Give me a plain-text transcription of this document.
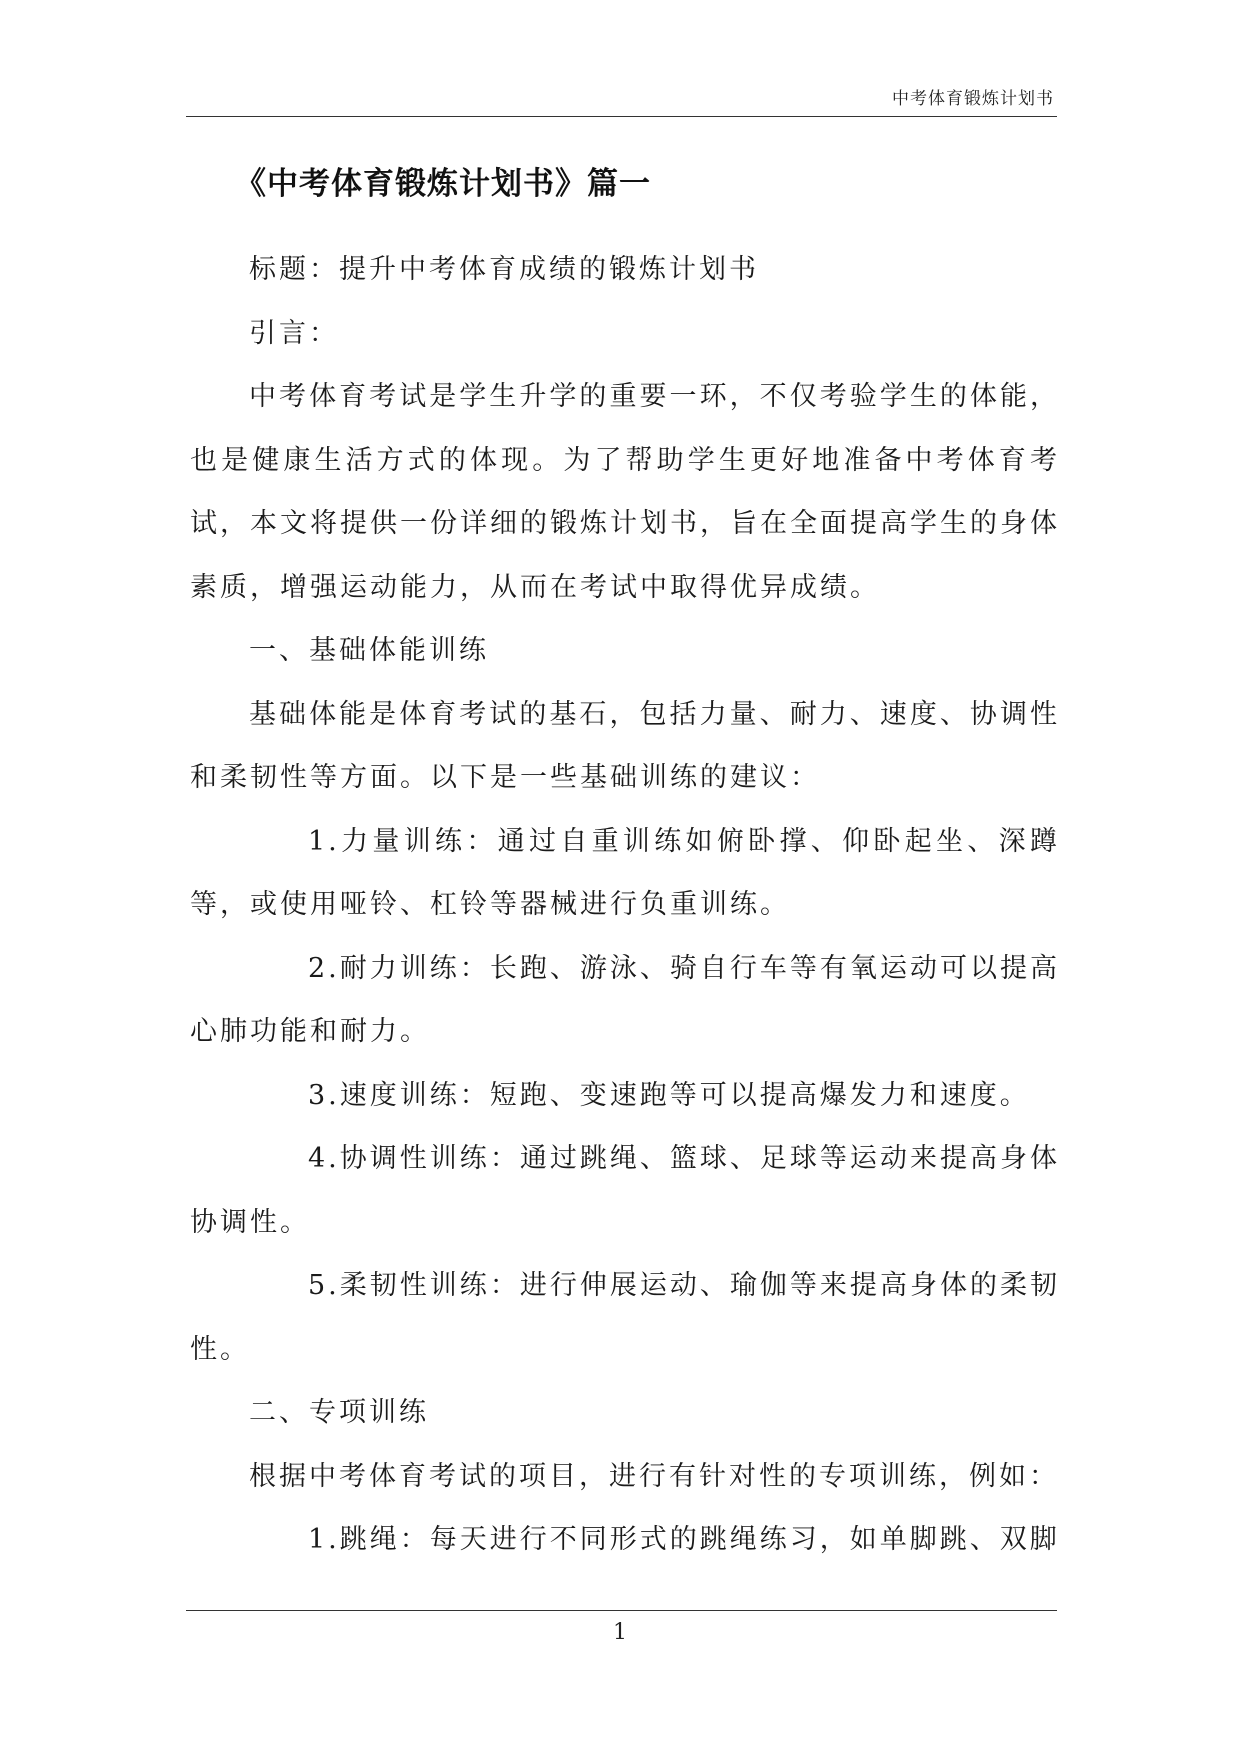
中考体育锻炼计划书
《中考体育锻炼计划书》篇一

标题：提升中考体育成绩的锻炼计划书

引言：

中考体育考试是学生升学的重要一环，不仅考验学生的体能，也是健康生活方式的体现。为了帮助学生更好地准备中考体育考试，本文将提供一份详细的锻炼计划书，旨在全面提高学生的身体素质，增强运动能力，从而在考试中取得优异成绩。

一、基础体能训练

基础体能是体育考试的基石，包括力量、耐力、速度、协调性和柔韧性等方面。以下是一些基础训练的建议：

1.力量训练：通过自重训练如俯卧撑、仰卧起坐、深蹲等，或使用哑铃、杠铃等器械进行负重训练。

2.耐力训练：长跑、游泳、骑自行车等有氧运动可以提高心肺功能和耐力。

3.速度训练：短跑、变速跑等可以提高爆发力和速度。

4.协调性训练：通过跳绳、篮球、足球等运动来提高身体协调性。

5.柔韧性训练：进行伸展运动、瑜伽等来提高身体的柔韧性。

二、专项训练

根据中考体育考试的项目，进行有针对性的专项训练，例如：

1.跳绳：每天进行不同形式的跳绳练习，如单脚跳、双脚

1
